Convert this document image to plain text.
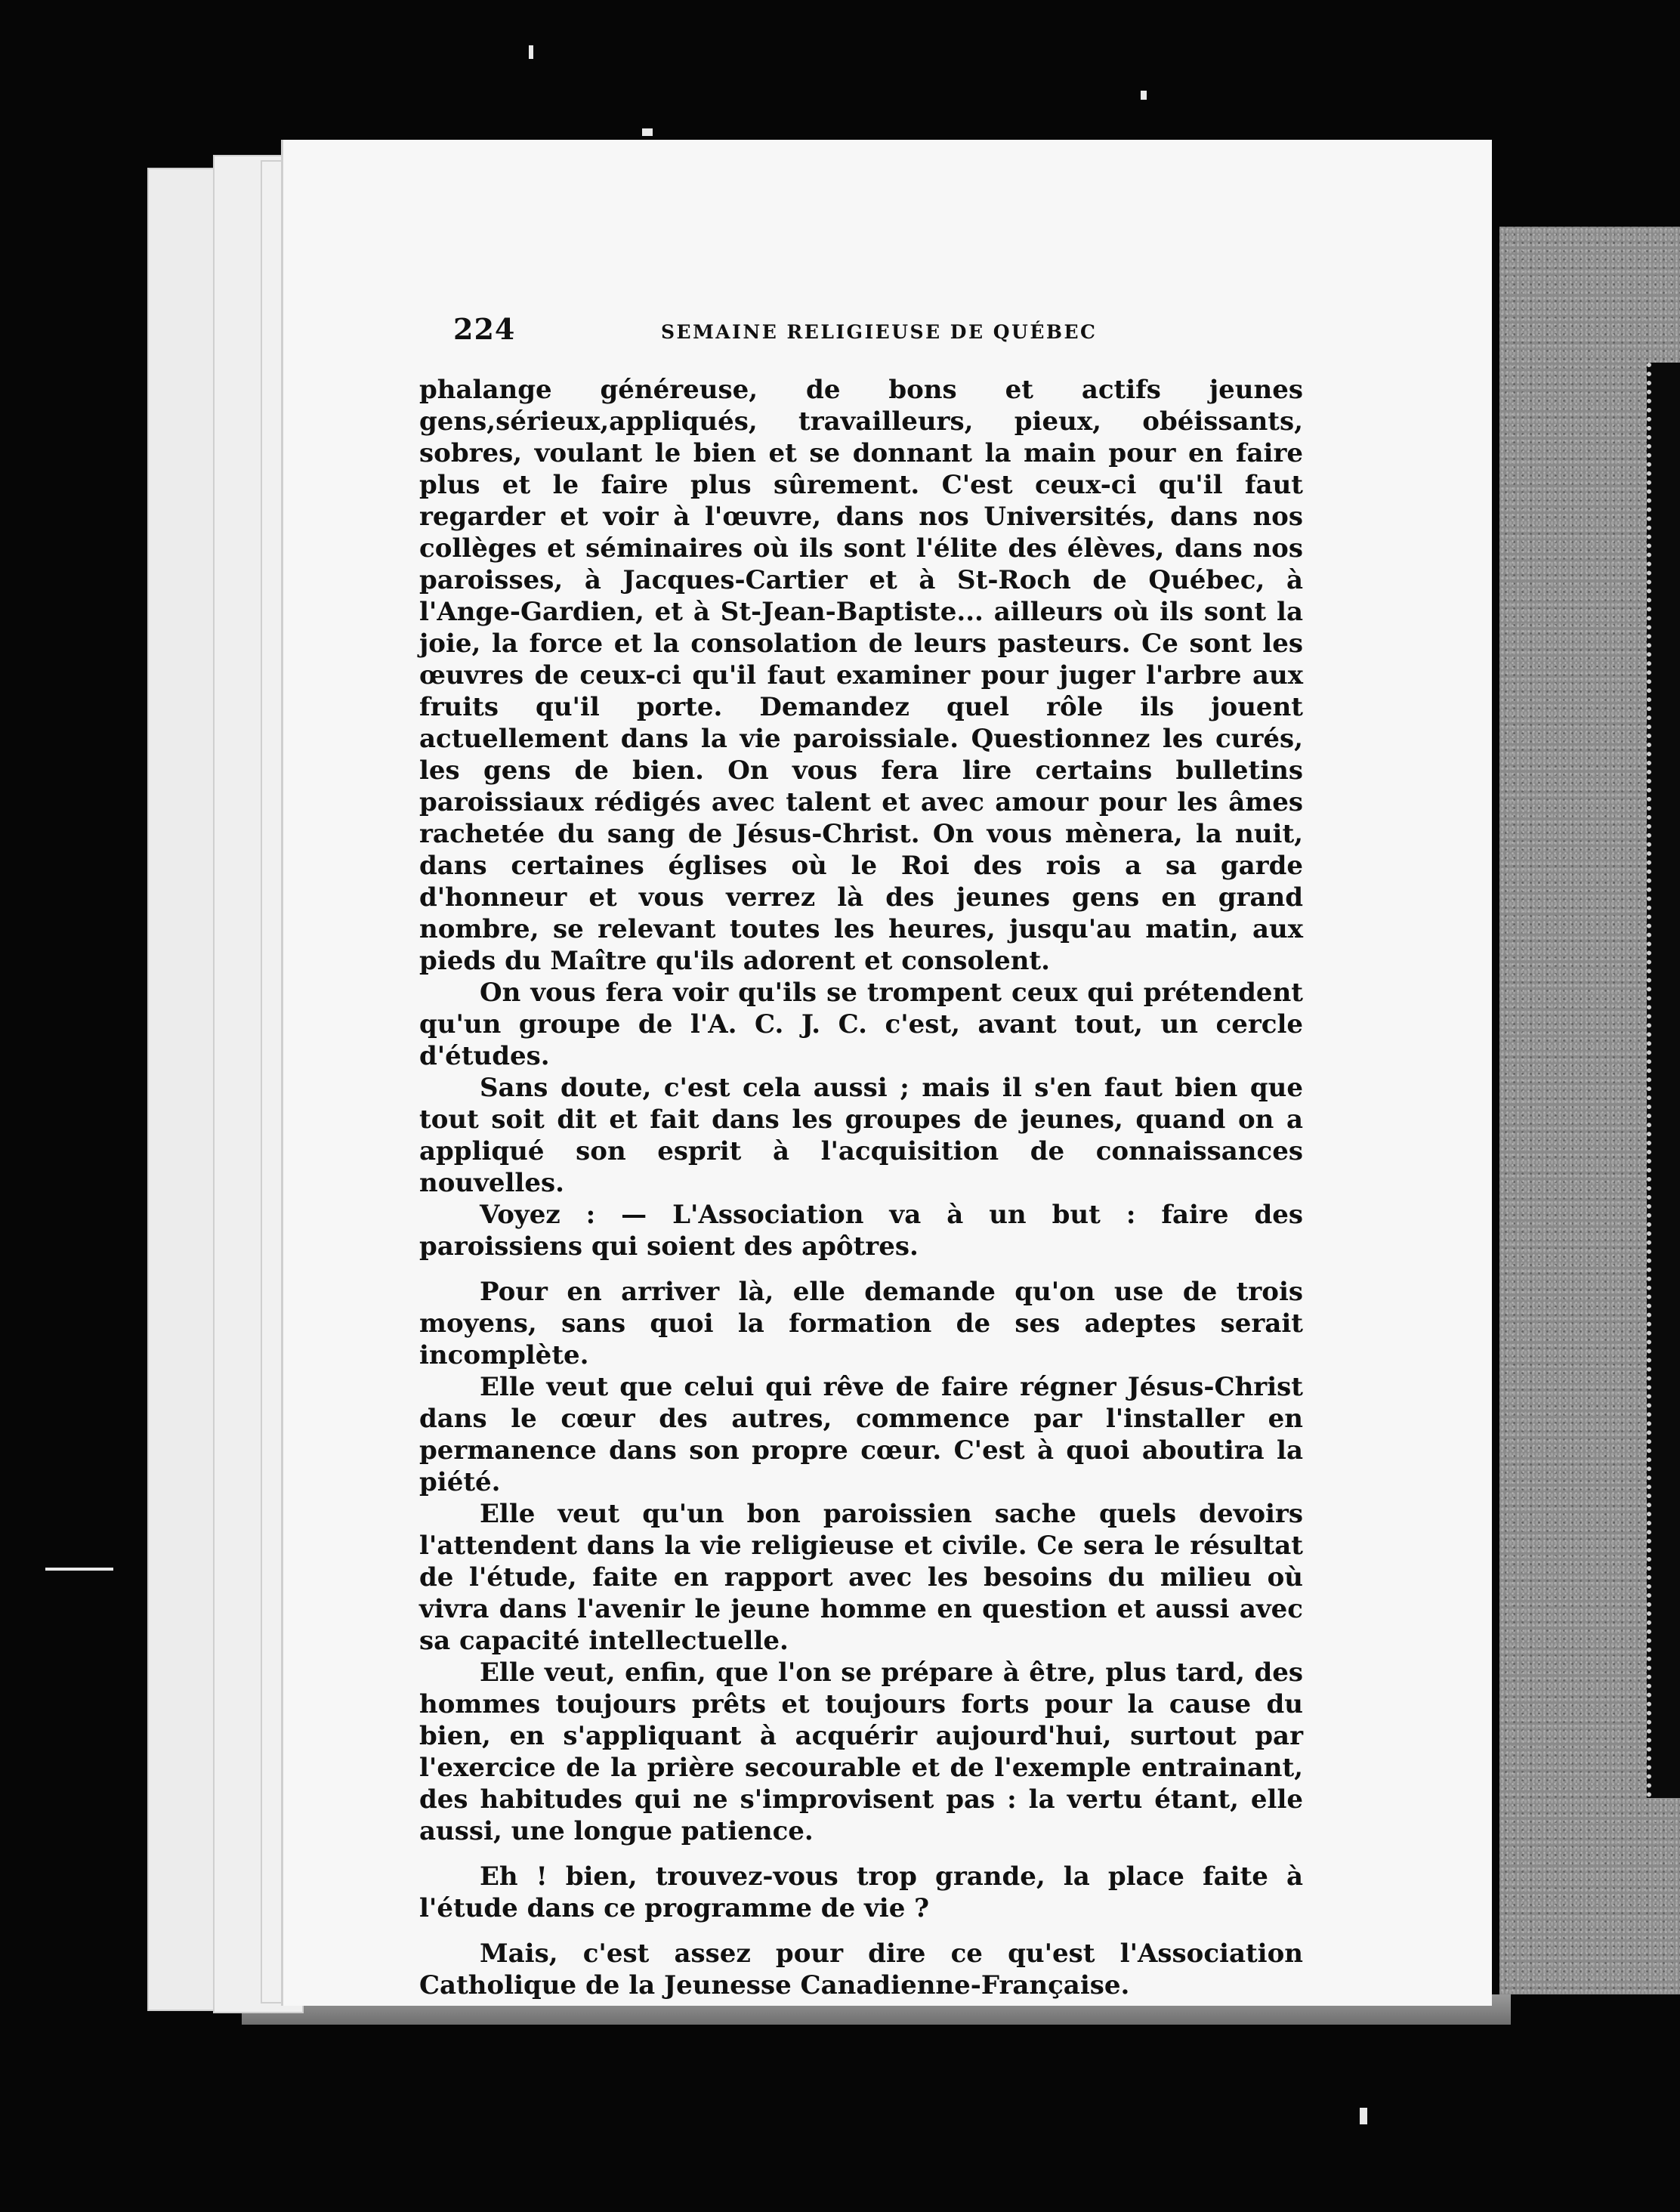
224	SEMAINE RELIGIEUSE DE QUÉBEC

phalange généreuse, de bons et actifs jeunes gens,sérieux,appliqués, travailleurs, pieux, obéissants, sobres, voulant le bien et se donnant la main pour en faire plus et le faire plus sûrement. C'est ceux-ci qu'il faut regarder et voir à l'œuvre, dans nos Universités, dans nos collèges et séminaires où ils sont l'élite des élèves, dans nos paroisses, à Jacques-Cartier et à St-Roch de Québec, à l'Ange-Gardien, et à St-Jean-Baptiste... ailleurs où ils sont la joie, la force et la consolation de leurs pasteurs. Ce sont les œuvres de ceux-ci qu'il faut examiner pour juger l'arbre aux fruits qu'il porte. Demandez quel rôle ils jouent actuellement dans la vie paroissiale. Questionnez les curés, les gens de bien. On vous fera lire certains bulletins paroissiaux rédigés avec talent et avec amour pour les âmes rachetée du sang de Jésus-Christ. On vous mènera, la nuit, dans certaines églises où le Roi des rois a sa garde d'honneur et vous verrez là des jeunes gens en grand nombre, se relevant toutes les heures, jusqu'au matin, aux pieds du Maître qu'ils adorent et consolent.

On vous fera voir qu'ils se trompent ceux qui prétendent qu'un groupe de l'A. C. J. C. c'est, avant tout, un cercle d'études.

Sans doute, c'est cela aussi ; mais il s'en faut bien que tout soit dit et fait dans les groupes de jeunes, quand on a appliqué son esprit à l'acquisition de connaissances nouvelles.

Voyez : — L'Association va à un but : faire des paroissiens qui soient des apôtres.

Pour en arriver là, elle demande qu'on use de trois moyens, sans quoi la formation de ses adeptes serait incomplète.

Elle veut que celui qui rêve de faire régner Jésus-Christ dans le cœur des autres, commence par l'installer en permanence dans son propre cœur. C'est à quoi aboutira la piété.

Elle veut qu'un bon paroissien sache quels devoirs l'attendent dans la vie religieuse et civile. Ce sera le résultat de l'étude, faite en rapport avec les besoins du milieu où vivra dans l'avenir le jeune homme en question et aussi avec sa capacité intellectuelle.

Elle veut, enfin, que l'on se prépare à être, plus tard, des hommes toujours prêts et toujours forts pour la cause du bien, en s'appliquant à acquérir aujourd'hui, surtout par l'exercice de la prière secourable et de l'exemple entrainant, des habitudes qui ne s'improvisent pas : la vertu étant, elle aussi, une longue patience.

Eh ! bien, trouvez-vous trop grande, la place faite à l'étude dans ce programme de vie ?

Mais, c'est assez pour dire ce qu'est l'Association Catholique de la Jeunesse Canadienne-Française.
